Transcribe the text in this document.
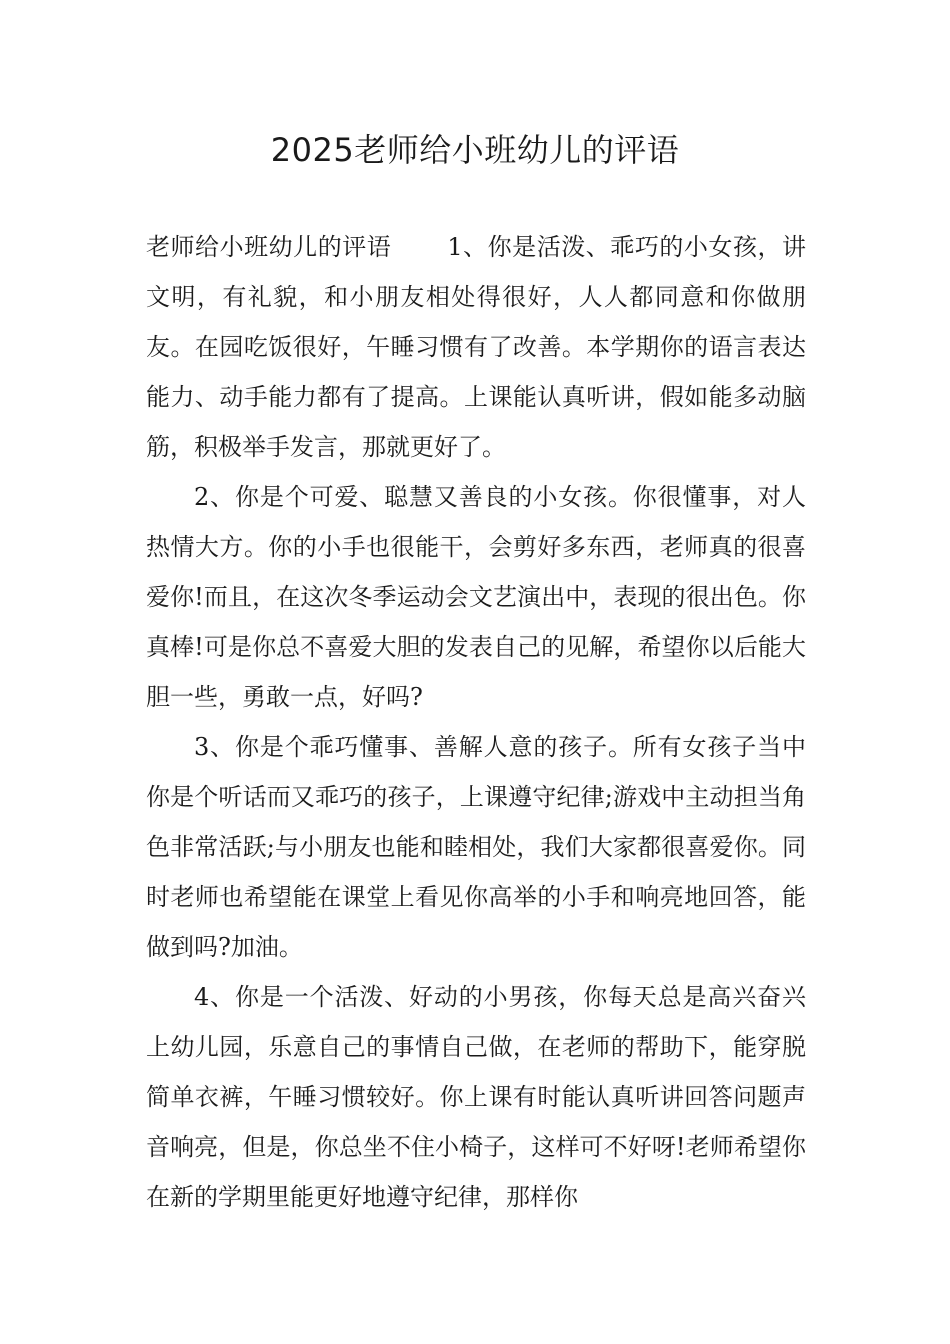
2025老师给小班幼儿的评语

老师给小班幼儿的评语 1、你是活泼、乖巧的小女孩，讲文明，有礼貌，和小朋友相处得很好，人人都同意和你做朋友。在园吃饭很好，午睡习惯有了改善。本学期你的语言表达能力、动手能力都有了提高。上课能认真听讲，假如能多动脑筋，积极举手发言，那就更好了。

2、你是个可爱、聪慧又善良的小女孩。你很懂事，对人热情大方。你的小手也很能干，会剪好多东西，老师真的很喜爱你!而且，在这次冬季运动会文艺演出中，表现的很出色。你真棒!可是你总不喜爱大胆的发表自己的见解，希望你以后能大胆一些，勇敢一点，好吗?

3、你是个乖巧懂事、善解人意的孩子。所有女孩子当中你是个听话而又乖巧的孩子，上课遵守纪律;游戏中主动担当角色非常活跃;与小朋友也能和睦相处，我们大家都很喜爱你。同时老师也希望能在课堂上看见你高举的小手和响亮地回答，能做到吗?加油。

4、你是一个活泼、好动的小男孩，你每天总是高兴奋兴上幼儿园，乐意自己的事情自己做，在老师的帮助下，能穿脱简单衣裤，午睡习惯较好。你上课有时能认真听讲回答问题声音响亮，但是，你总坐不住小椅子，这样可不好呀!老师希望你在新的学期里能更好地遵守纪律，那样你
